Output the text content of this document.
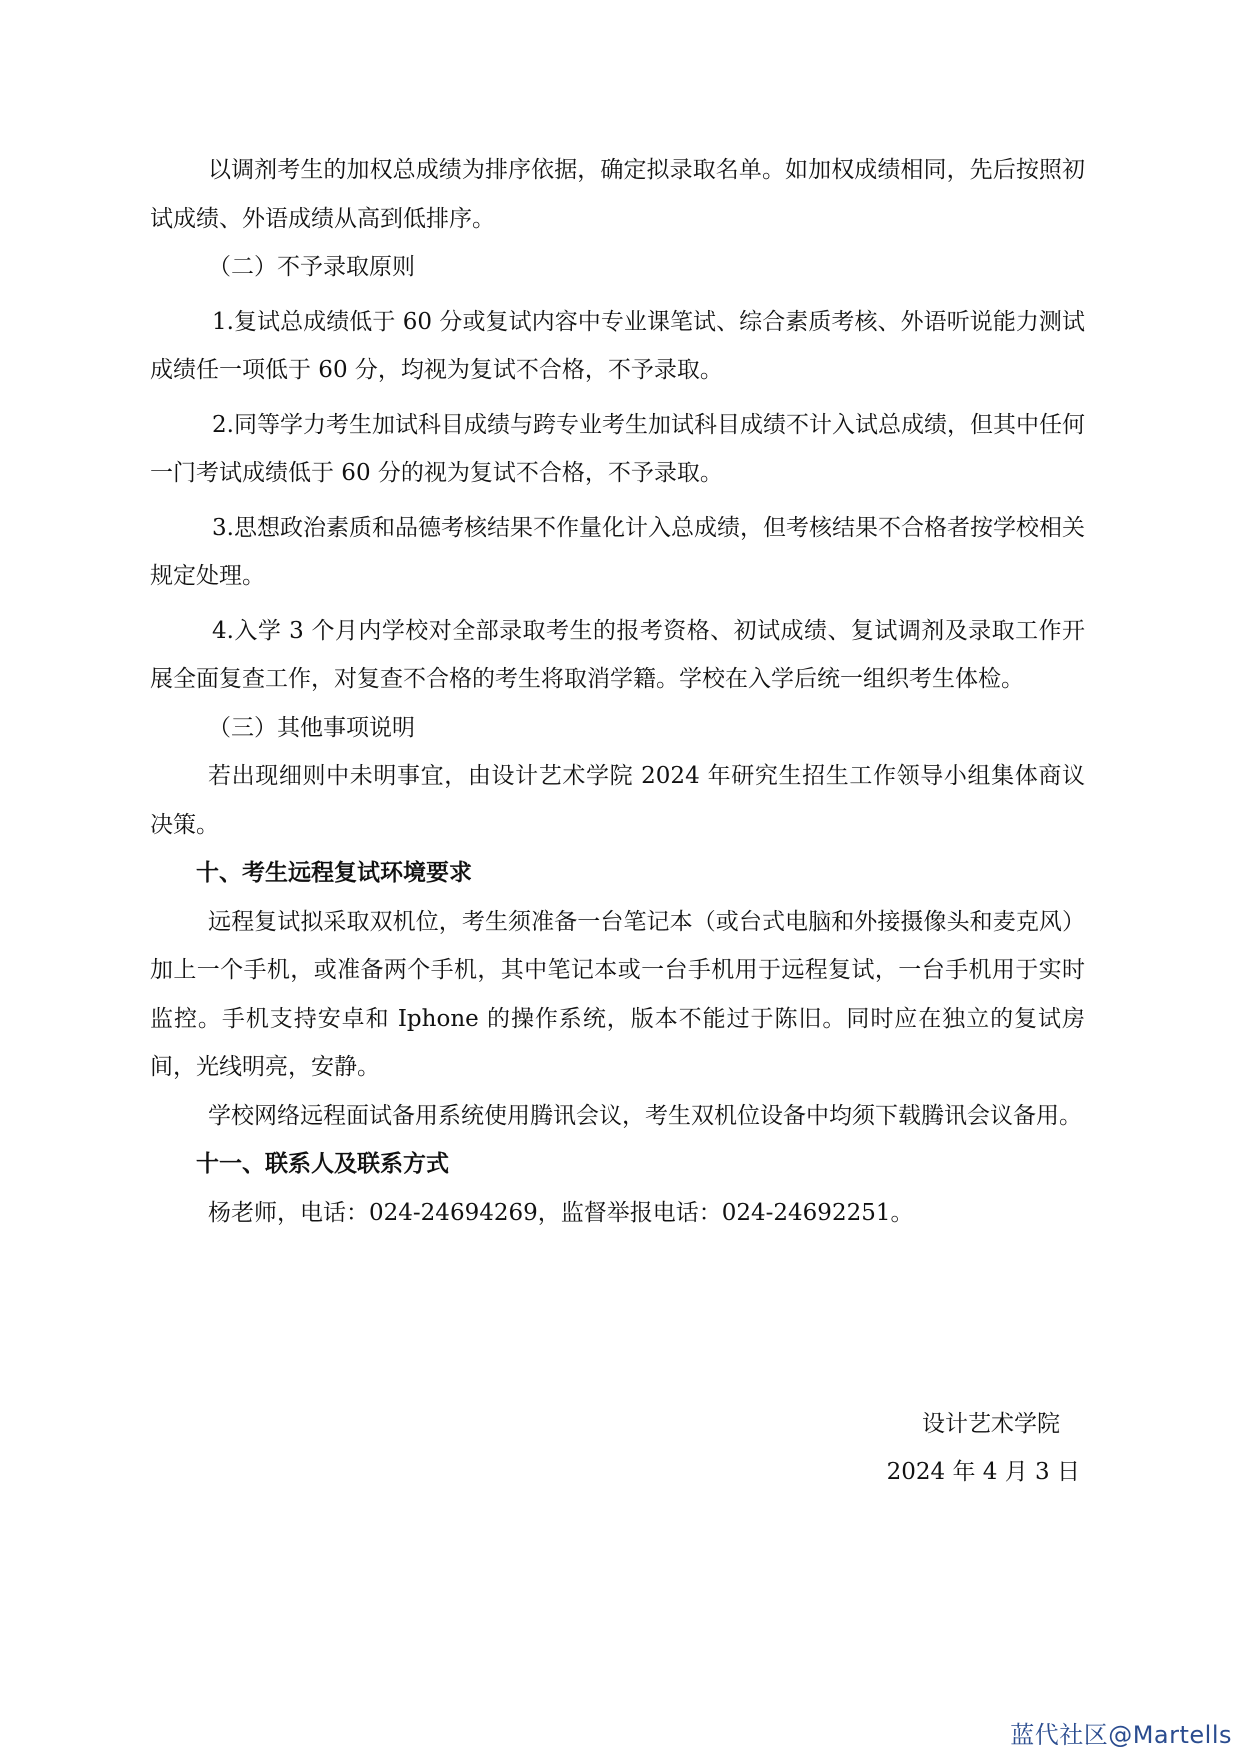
以调剂考生的加权总成绩为排序依据，确定拟录取名单。如加权成绩相同，先后按照初试成绩、外语成绩从高到低排序。

（二）不予录取原则

1.复试总成绩低于 60 分或复试内容中专业课笔试、综合素质考核、外语听说能力测试成绩任一项低于 60 分，均视为复试不合格，不予录取。

2.同等学力考生加试科目成绩与跨专业考生加试科目成绩不计入试总成绩，但其中任何一门考试成绩低于 60 分的视为复试不合格，不予录取。

3.思想政治素质和品德考核结果不作量化计入总成绩，但考核结果不合格者按学校相关规定处理。

4.入学 3 个月内学校对全部录取考生的报考资格、初试成绩、复试调剂及录取工作开展全面复查工作，对复查不合格的考生将取消学籍。学校在入学后统一组织考生体检。

（三）其他事项说明

若出现细则中未明事宜，由设计艺术学院 2024 年研究生招生工作领导小组集体商议决策。

十、考生远程复试环境要求

远程复试拟采取双机位，考生须准备一台笔记本（或台式电脑和外接摄像头和麦克风）加上一个手机，或准备两个手机，其中笔记本或一台手机用于远程复试，一台手机用于实时监控。手机支持安卓和 Iphone 的操作系统，版本不能过于陈旧。同时应在独立的复试房间，光线明亮，安静。

学校网络远程面试备用系统使用腾讯会议，考生双机位设备中均须下载腾讯会议备用。

十一、联系人及联系方式

杨老师，电话：024-24694269，监督举报电话：024-24692251。

设计艺术学院
2024 年 4 月 3 日
蓝代社区@Martells
